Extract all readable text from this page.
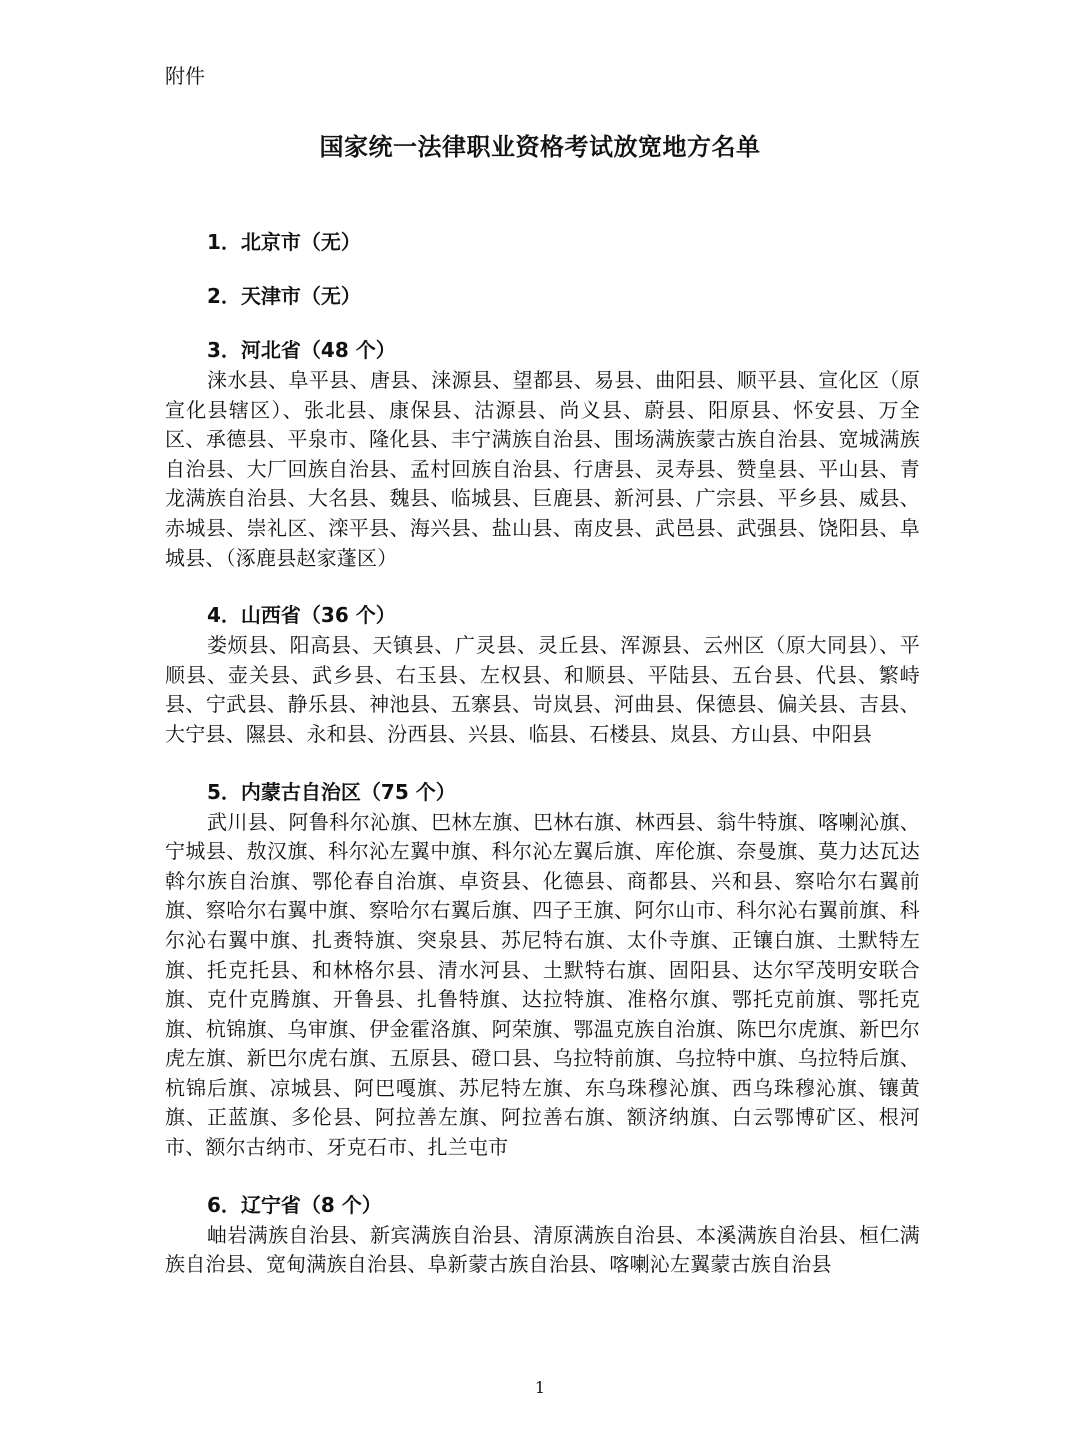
附件
国家统一法律职业资格考试放宽地方名单
1．北京市（无）
2．天津市（无）
3．河北省（48 个）

涞水县、阜平县、唐县、涞源县、望都县、易县、曲阳县、顺平县、宣化区（原宣化县辖区）、张北县、康保县、沽源县、尚义县、蔚县、阳原县、怀安县、万全区、承德县、平泉市、隆化县、丰宁满族自治县、围场满族蒙古族自治县、宽城满族自治县、大厂回族自治县、孟村回族自治县、行唐县、灵寿县、赞皇县、平山县、青龙满族自治县、大名县、魏县、临城县、巨鹿县、新河县、广宗县、平乡县、威县、赤城县、崇礼区、滦平县、海兴县、盐山县、南皮县、武邑县、武强县、饶阳县、阜城县、（涿鹿县赵家蓬区）

4．山西省（36 个）

娄烦县、阳高县、天镇县、广灵县、灵丘县、浑源县、云州区（原大同县）、平顺县、壶关县、武乡县、右玉县、左权县、和顺县、平陆县、五台县、代县、繁峙县、宁武县、静乐县、神池县、五寨县、岢岚县、河曲县、保德县、偏关县、吉县、大宁县、隰县、永和县、汾西县、兴县、临县、石楼县、岚县、方山县、中阳县

5．内蒙古自治区（75 个）

武川县、阿鲁科尔沁旗、巴林左旗、巴林右旗、林西县、翁牛特旗、喀喇沁旗、宁城县、敖汉旗、科尔沁左翼中旗、科尔沁左翼后旗、库伦旗、奈曼旗、莫力达瓦达斡尔族自治旗、鄂伦春自治旗、卓资县、化德县、商都县、兴和县、察哈尔右翼前旗、察哈尔右翼中旗、察哈尔右翼后旗、四子王旗、阿尔山市、科尔沁右翼前旗、科尔沁右翼中旗、扎赉特旗、突泉县、苏尼特右旗、太仆寺旗、正镶白旗、土默特左旗、托克托县、和林格尔县、清水河县、土默特右旗、固阳县、达尔罕茂明安联合旗、克什克腾旗、开鲁县、扎鲁特旗、达拉特旗、准格尔旗、鄂托克前旗、鄂托克旗、杭锦旗、乌审旗、伊金霍洛旗、阿荣旗、鄂温克族自治旗、陈巴尔虎旗、新巴尔虎左旗、新巴尔虎右旗、五原县、磴口县、乌拉特前旗、乌拉特中旗、乌拉特后旗、杭锦后旗、凉城县、阿巴嘎旗、苏尼特左旗、东乌珠穆沁旗、西乌珠穆沁旗、镶黄旗、正蓝旗、多伦县、阿拉善左旗、阿拉善右旗、额济纳旗、白云鄂博矿区、根河市、额尔古纳市、牙克石市、扎兰屯市

6．辽宁省（8 个）

岫岩满族自治县、新宾满族自治县、清原满族自治县、本溪满族自治县、桓仁满族自治县、宽甸满族自治县、阜新蒙古族自治县、喀喇沁左翼蒙古族自治县

1
